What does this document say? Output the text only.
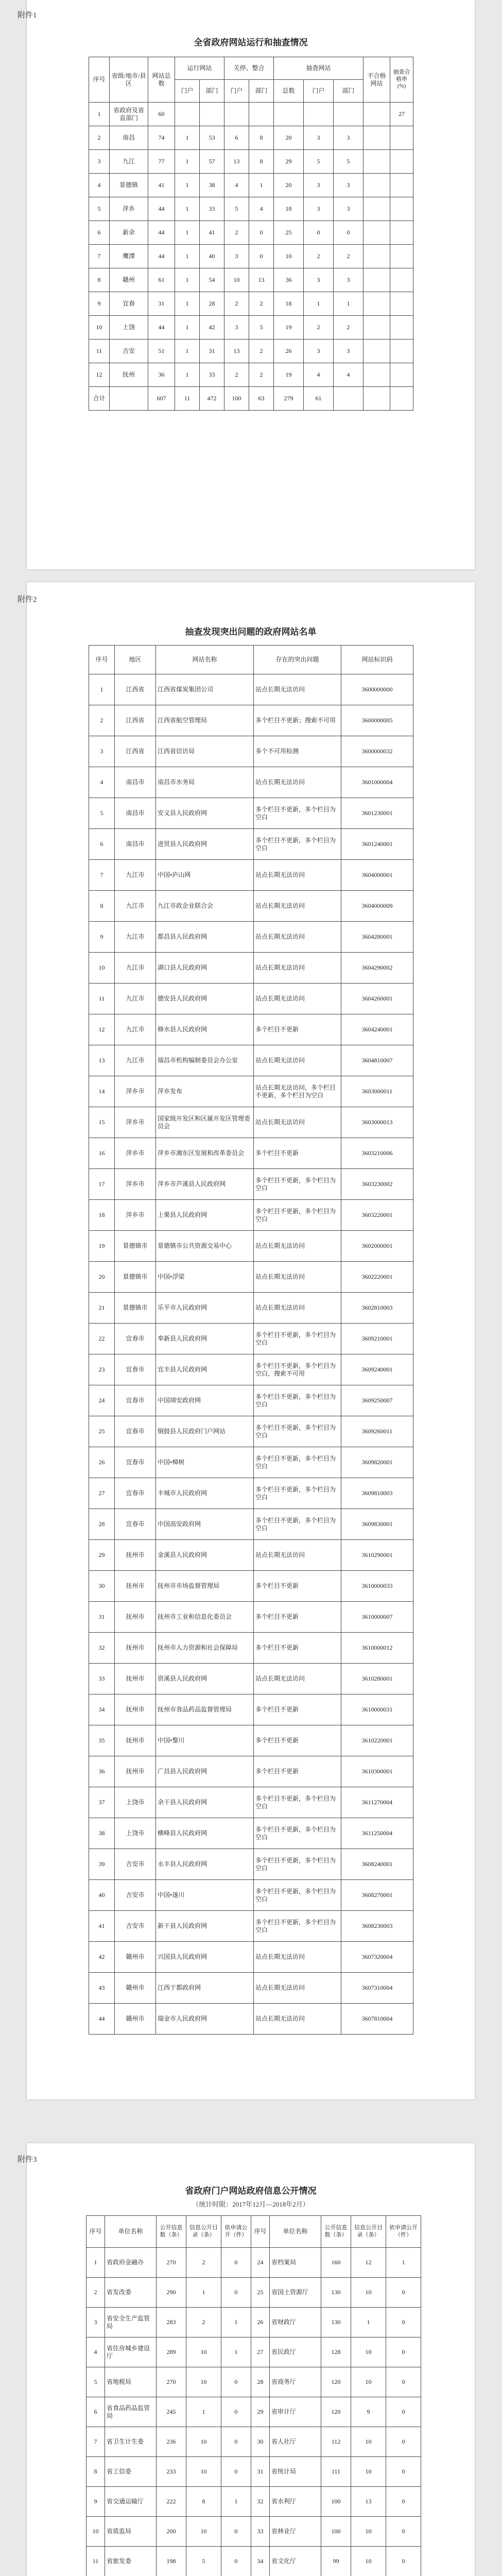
附件1
全省政府网站运行和抽查情况
序号	省级/地市/县区	网站总数	运行网站		关停、整合		抽查网站			不合格网站	抽查合格率(%)
			门户	部门	门户	部门	总数	门户	部门		
1	省政府及省直部门	60									27
2	南昌	74	1	53	6	8	20	3	3		
3	九江	77	1	57	13	8	29	5	5		
4	景德镇	41	1	38	4	1	20	3	3		
5	萍乡	44	1	33	5	4	18	3	3		
6	新余	44	1	41	2	0	25	0	0		
7	鹰潭	44	1	40	3	0	10	2	2		
8	赣州	61	1	54	10	13	36	3	3		
9	宜春	31	1	28	2	2	18	1	1		
10	上饶	44	1	42	3	5	19	2	2		
11	吉安	51	1	31	13	2	26	3	3		
12	抚州	36	1	33	2	2	19	4	4		
合计		607	11	472	100	63	279	61			
附件2
抽查发现突出问题的政府网站名单
序号	地区	网站名称	存在的突出问题	网站标识码
1	江西省	江西省煤炭集团公司	站点长期无法访问	3600000000
2	江西省	江西省航空管理局	多个栏目不更新；搜索不可用	3600000005
3	江西省	江西省信访局	多个不可用检测	3600000032
4	南昌市	南昌市水务局	站点长期无法访问	3601000004
5	南昌市	安义县人民政府网	多个栏目不更新，多个栏目为空白	3601230001
6	南昌市	进贤县人民政府网	多个栏目不更新，多个栏目为空白	3601240001
7	九江市	中国•庐山网	站点长期无法访问	3604000001
8	九江市	九江市政企业联合会	站点长期无法访问	3604000009
9	九江市	都昌县人民政府网	站点长期无法访问	3604280001
10	九江市	湖口县人民政府网	站点长期无法访问	3604290002
11	九江市	德安县人民政府网	站点长期无法访问	3604260001
12	九江市	修水县人民政府网	多个栏目不更新	3604240001
13	九江市	瑞昌市机构编制委员会办公室	站点长期无法访问	3604810007
14	萍乡市	萍乡发布	站点长期无法访问，多个栏目不更新，多个栏目为空白	3603000011
15	萍乡市	国家级开发区和区属开发区管理委员会	站点长期无法访问	3603000013
16	萍乡市	萍乡市湘东区发展和改革委员会	多个栏目不更新	3603210006
17	萍乡市	萍乡市芦溪县人民政府网	多个栏目不更新，多个栏目为空白	3603230002
18	萍乡市	上栗县人民政府网	多个栏目不更新，多个栏目为空白	3603220001
19	景德镇市	景德镇市公共资源交易中心	站点长期无法访问	3602000001
20	景德镇市	中国•浮梁	站点长期无法访问	3602220001
21	景德镇市	乐平市人民政府网	站点长期无法访问	3602810003
22	宜春市	奉新县人民政府网	多个栏目不更新，多个栏目为空白	3609210001
23	宜春市	宜丰县人民政府网	多个栏目不更新，多个栏目为空白，搜索不可用	3609240001
24	宜春市	中国靖安政府网	多个栏目不更新，多个栏目为空白	3609250007
25	宜春市	铜鼓县人民政府门户网站	多个栏目不更新，多个栏目为空白	3609260011
26	宜春市	中国•樟树	多个栏目不更新，多个栏目为空白	3609820001
27	宜春市	丰城市人民政府网	多个栏目不更新，多个栏目为空白	3609810003
28	宜春市	中国高安政府网	多个栏目不更新，多个栏目为空白	3609830001
29	抚州市	金溪县人民政府网	站点长期无法访问	3610290001
30	抚州市	抚州市市场监督管理局	多个栏目不更新	3610000033
31	抚州市	抚州市工业和信息化委员会	多个栏目不更新	3610000007
32	抚州市	抚州市人力资源和社会保障局	多个栏目不更新	3610000012
33	抚州市	资溪县人民政府网	站点长期无法访问	3610280001
34	抚州市	抚州市食品药品监督管理局	多个栏目不更新	3610000031
35	抚州市	中国•黎川	多个栏目不更新	3610220001
36	抚州市	广昌县人民政府网	多个栏目不更新	3610300001
37	上饶市	余干县人民政府网	多个栏目不更新，多个栏目为空白	3611270004
38	上饶市	横峰县人民政府网	多个栏目不更新，多个栏目为空白	3611250004
39	吉安市	永丰县人民政府网	多个栏目不更新，多个栏目为空白	3608240001
40	吉安市	中国•遂川	多个栏目不更新，多个栏目为空白	3608270001
41	吉安市	新干县人民政府网	多个栏目不更新，多个栏目为空白	3608230003
42	赣州市	兴国县人民政府网	站点长期无法访问	3607320004
43	赣州市	江西于都政府网	站点长期无法访问	3607310004
44	赣州市	瑞金市人民政府网	站点长期无法访问	3607810004
附件3
省政府门户网站政府信息公开情况
（统计时限：2017年12月—2018年2月）
序号	单位名称	公开信息数（条）	信息公开目录（条）	依申请公开（件）	序号	单位名称	公开信息数（条）	信息公开目录（条）	依申请公开（件）
1	省政府金融办	270	2	0	24	省档案局	160	12	1
2	省发改委	290	1	0	25	省国土资源厅	130	10	0
3	省安全生产监管局	283	2	1	26	省财政厅	130	1	0
4	省住房城乡建设厅	289	10	1	27	省民政厅	128	10	0
5	省地税局	270	10	0	28	省商务厅	120	10	0
6	省食品药品监管局	245	1	0	29	省审计厅	120	9	0
7	省卫生计生委	236	10	0	30	省人社厅	112	10	0
8	省工信委	233	10	0	31	省统计局	111	10	0
9	省交通运输厅	222	8	1	32	省水利厅	100	13	0
10	省质监局	200	10	0	33	省林业厅	100	10	0
11	省旅发委	198	5	0	34	省文化厅	99	10	0
